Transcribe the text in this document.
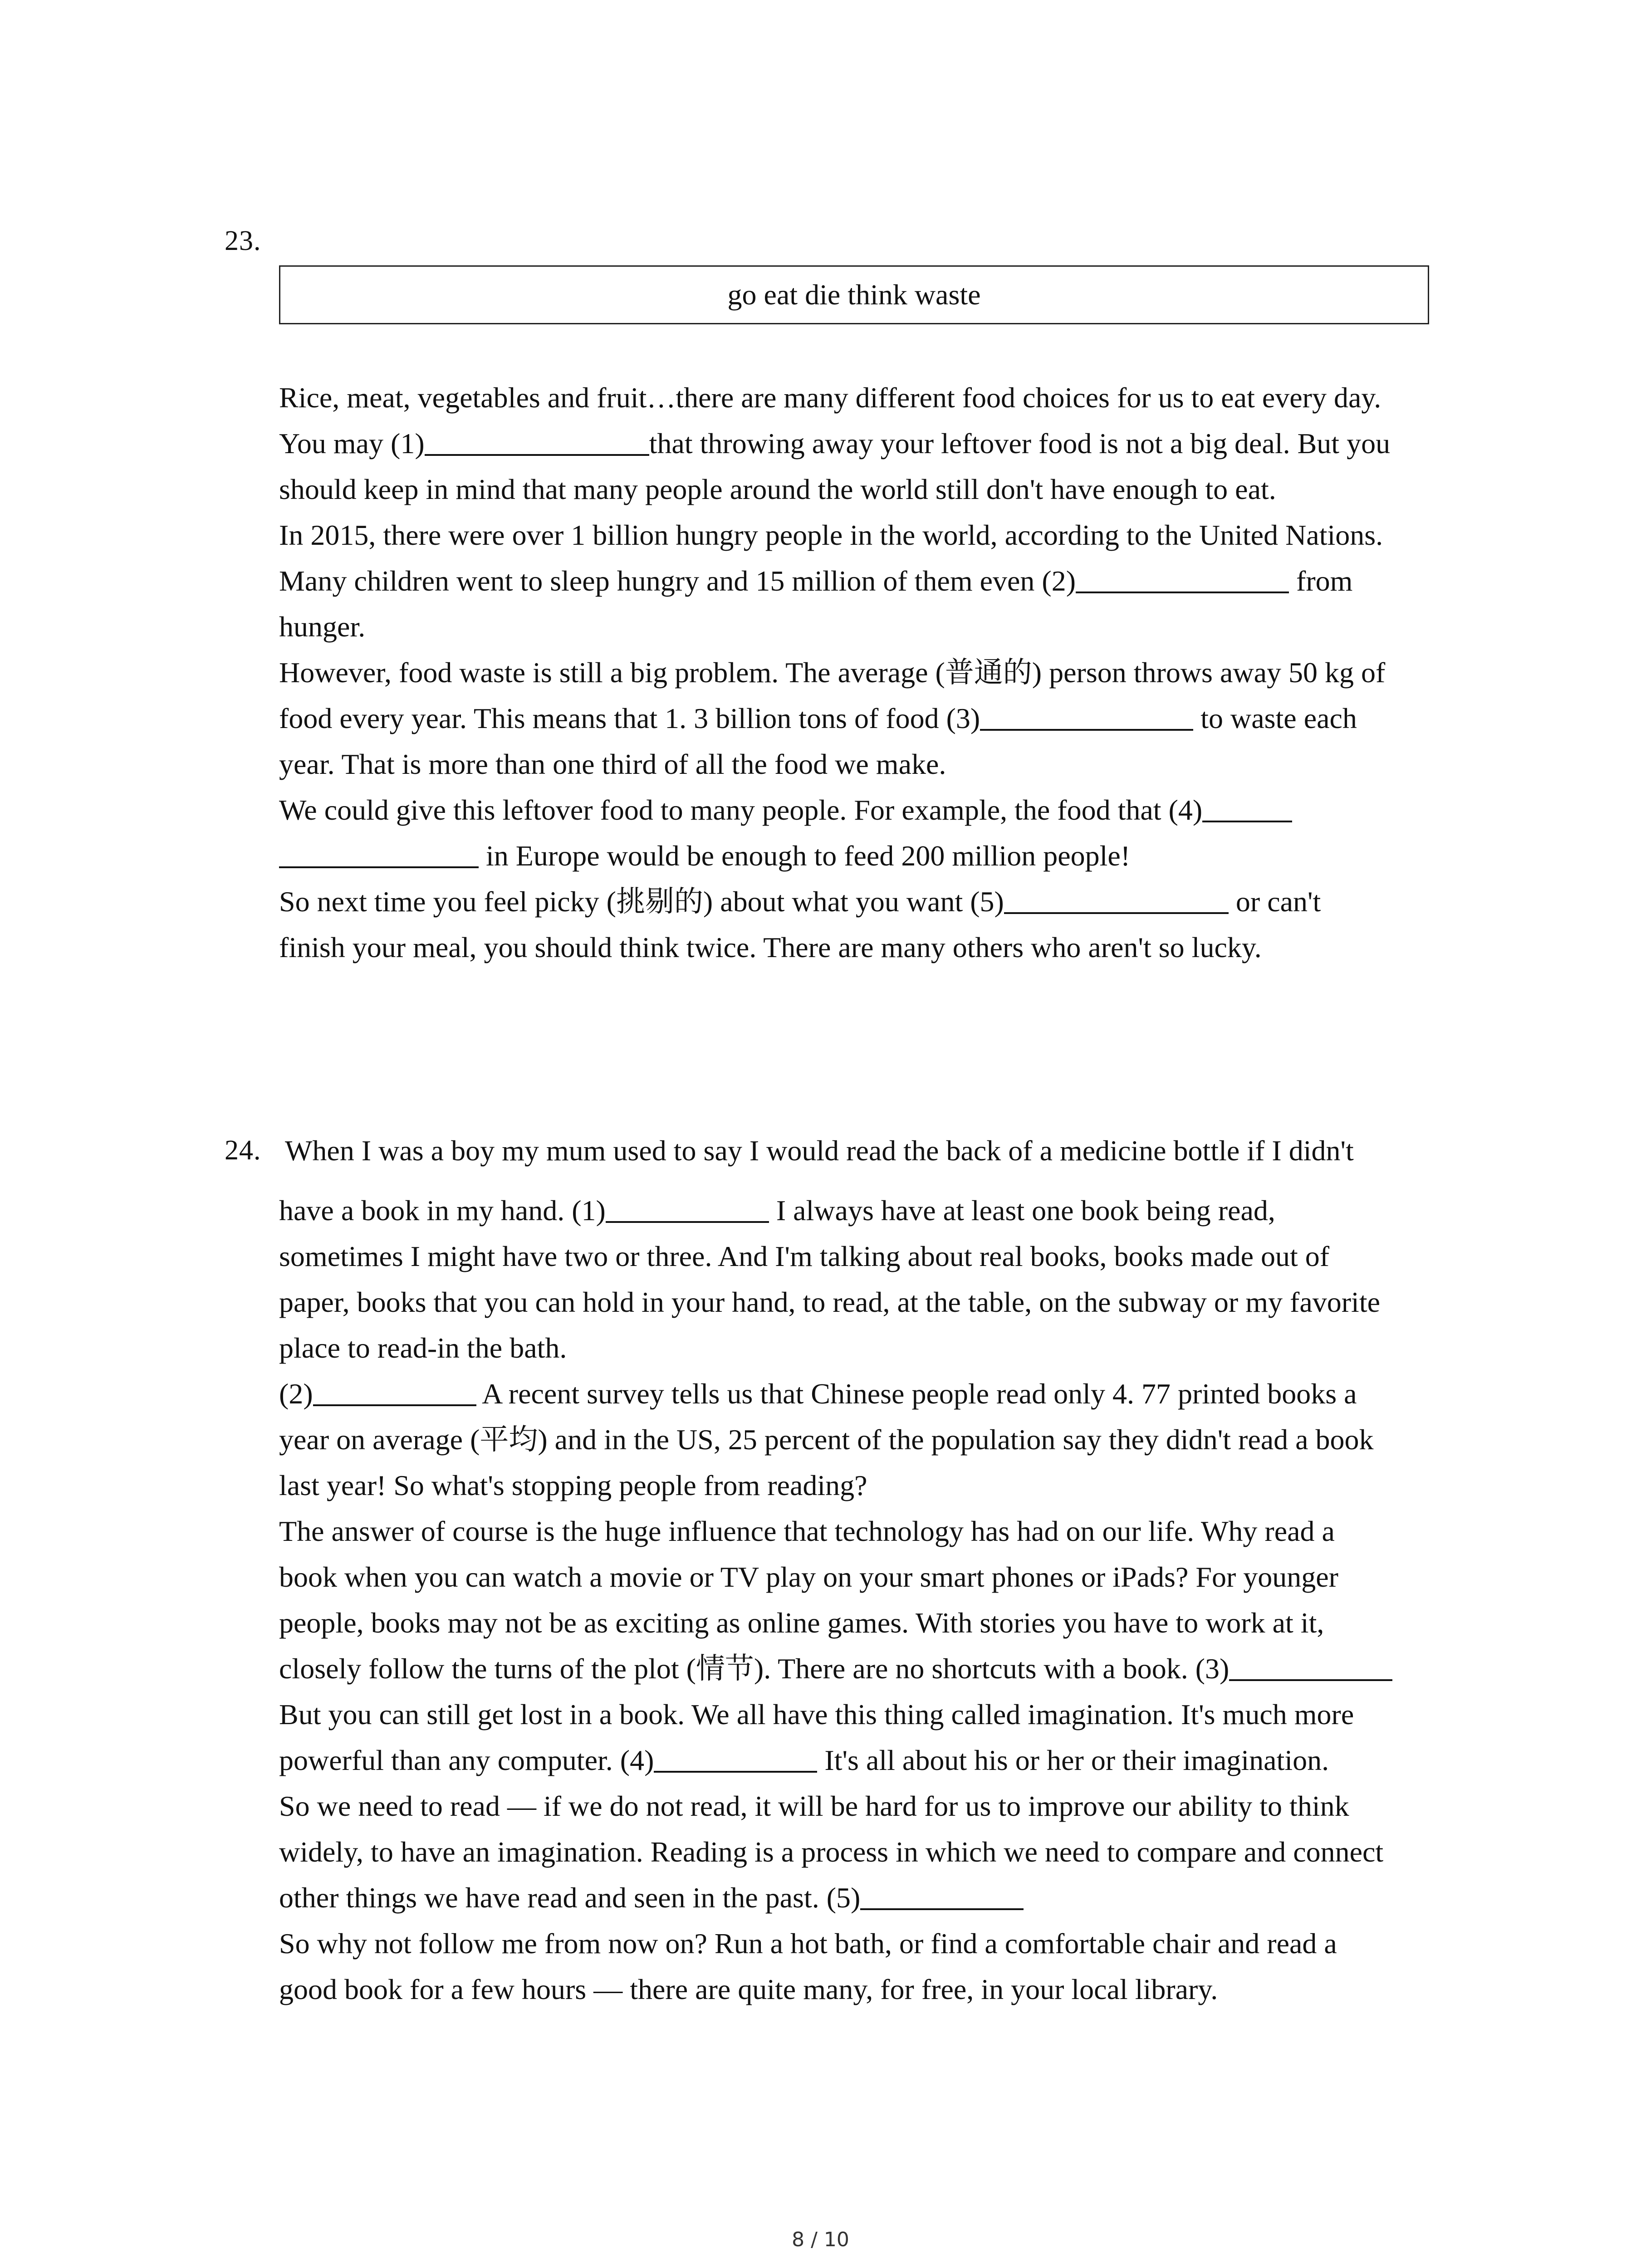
23.
go eat die think waste
Rice, meat, vegetables and fruit…there are many different food choices for us to eat every day.
You may (1)	that throwing away your leftover food is not a big deal. But you
should keep in mind that many people around the world still don't have enough to eat.
In 2015, there were over 1 billion hungry people in the world, according to the United Nations.
Many children went to sleep hungry and 15 million of them even (2)	from
hunger.
However, food waste is still a big problem. The average (普通的) person throws away 50 kg of
food every year. This means that 1. 3 billion tons of food (3)	to waste each
year. That is more than one third of all the food we make.
We could give this leftover food to many people. For example, the food that (4)
in Europe would be enough to feed 200 million people!
So next time you feel picky (挑剔的) about what you want (5)	or can't
finish your meal, you should think twice. There are many others who aren't so lucky.
24. When I was a boy my mum used to say I would read the back of a medicine bottle if I didn't
have a book in my hand. (1)	I always have at least one book being read,
sometimes I might have two or three. And I'm talking about real books, books made out of
paper, books that you can hold in your hand, to read, at the table, on the subway or my favorite
place to read-in the bath.
(2)	A recent survey tells us that Chinese people read only 4. 77 printed books a
year on average (平均) and in the US, 25 percent of the population say they didn't read a book
last year! So what's stopping people from reading?
The answer of course is the huge influence that technology has had on our life. Why read a
book when you can watch a movie or TV play on your smart phones or iPads? For younger
people, books may not be as exciting as online games. With stories you have to work at it,
closely follow the turns of the plot (情节). There are no shortcuts with a book. (3)
But you can still get lost in a book. We all have this thing called imagination. It's much more
powerful than any computer. (4)	It's all about his or her or their imagination.
So we need to read — if we do not read, it will be hard for us to improve our ability to think
widely, to have an imagination. Reading is a process in which we need to compare and connect
other things we have read and seen in the past. (5)
So why not follow me from now on? Run a hot bath, or find a comfortable chair and read a
good book for a few hours — there are quite many, for free, in your local library.
8 / 10
